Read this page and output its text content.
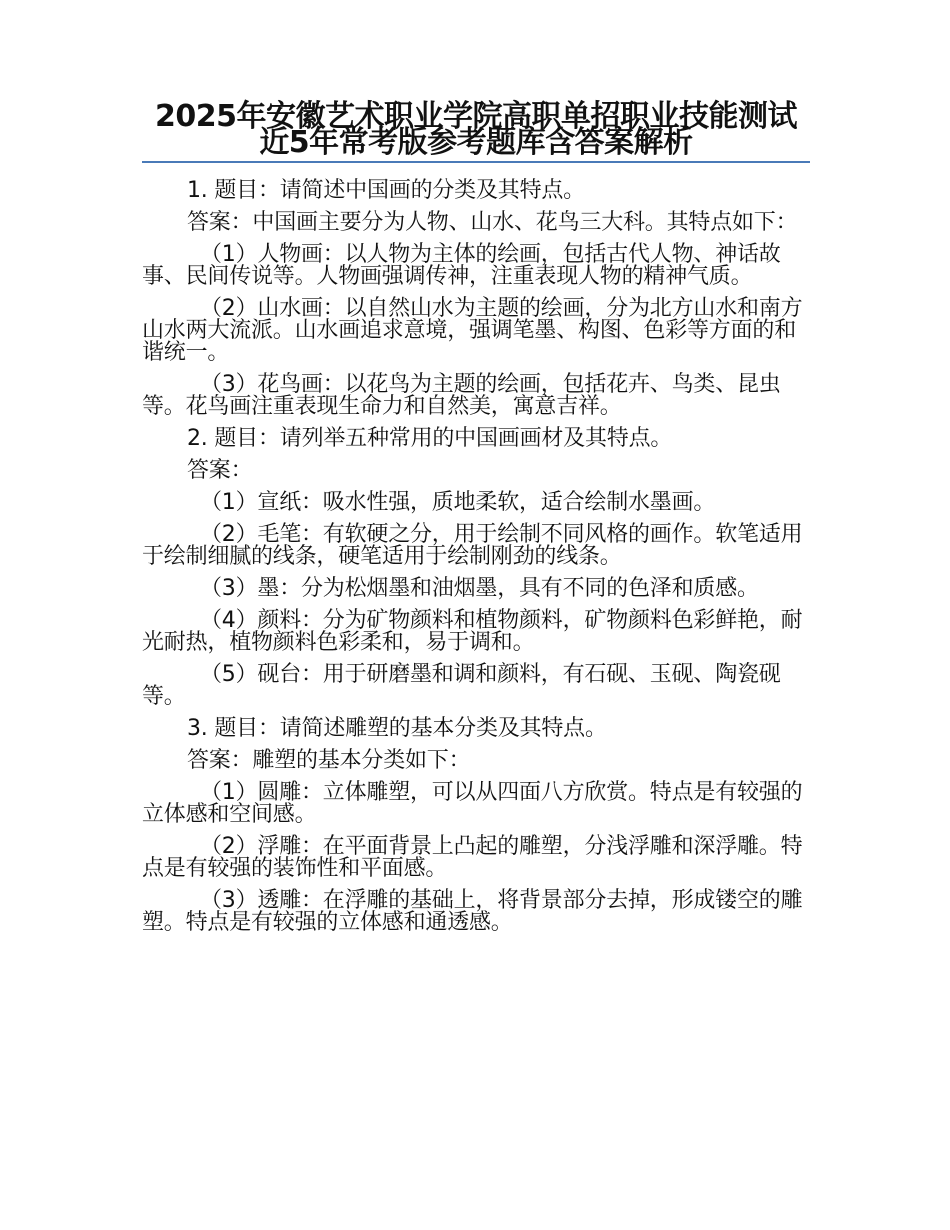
2025年安徽艺术职业学院高职单招职业技能测试近5年常考版参考题库含答案解析

1. 题目：请简述中国画的分类及其特点。

答案：中国画主要分为人物、山水、花鸟三大科。其特点如下：

（1）人物画：以人物为主体的绘画，包括古代人物、神话故事、民间传说等。人物画强调传神，注重表现人物的精神气质。

（2）山水画：以自然山水为主题的绘画，分为北方山水和南方山水两大流派。山水画追求意境，强调笔墨、构图、色彩等方面的和谐统一。

（3）花鸟画：以花鸟为主题的绘画，包括花卉、鸟类、昆虫等。花鸟画注重表现生命力和自然美，寓意吉祥。

2. 题目：请列举五种常用的中国画画材及其特点。

答案：

（1）宣纸：吸水性强，质地柔软，适合绘制水墨画。

（2）毛笔：有软硬之分，用于绘制不同风格的画作。软笔适用于绘制细腻的线条，硬笔适用于绘制刚劲的线条。

（3）墨：分为松烟墨和油烟墨，具有不同的色泽和质感。

（4）颜料：分为矿物颜料和植物颜料，矿物颜料色彩鲜艳，耐光耐热，植物颜料色彩柔和，易于调和。

（5）砚台：用于研磨墨和调和颜料，有石砚、玉砚、陶瓷砚等。

3. 题目：请简述雕塑的基本分类及其特点。

答案：雕塑的基本分类如下：

（1）圆雕：立体雕塑，可以从四面八方欣赏。特点是有较强的立体感和空间感。

（2）浮雕：在平面背景上凸起的雕塑，分浅浮雕和深浮雕。特点是有较强的装饰性和平面感。

（3）透雕：在浮雕的基础上，将背景部分去掉，形成镂空的雕塑。特点是有较强的立体感和通透感。
